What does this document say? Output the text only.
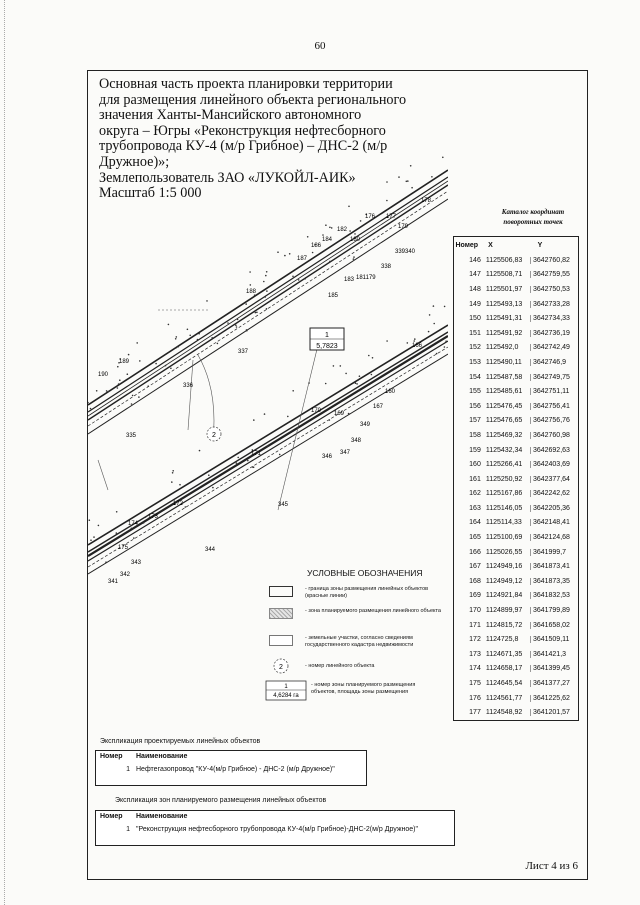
60
Основная часть проекта планировки территории
для размещения линейного объекта регионального
значения Ханты-Мансийского автономного
округа – Югры «Реконструкция нефтесборного
трубопровода КУ-4 (м/р Грибное) – ДНС-2 (м/р
Дружное)»;
Землепользователь ЗАО «ЛУКОЙЛ-АИК»
Масштаб 1:5 000
1
5,7823
2
178
176 177
179
182
184	180
186
187
183 181179
338
339340
185
188
337
336
189
190
335
166
160
167
170 169
349
348
346
347
171
345
172
173
174
175	344
343
342
341
Каталог координат
поворотных точек
Номер	X	Y
146 1125506,83	3642760,82
147 1125508,71	3642759,55
148 1125501,97	3642750,53
149 1125493,13	3642733,28
150 1125491,31	3642734,33
151 1125491,92	3642736,19
152 1125492,0	3642742,49
153 1125490,11	3642746,9
154 1125487,58	3642749,75
155 1125485,61	3642751,11
156 1125476,45	3642756,41
157 1125476,65	3642756,76
158 1125469,32	3642760,98
159 1125432,34	3642692,63
160 1125266,41	3642403,69
161 1125250,92	3642377,64
162 1125167,86	3642242,62
163 1125146,05	3642205,36
164 1125114,33	3642148,41
165 1125100,69	3642124,68
166 1125026,55	3641999,7
167 1124949,16	3641873,41
168 1124949,12	3641873,35
169 1124921,84	3641832,53
170 1124899,97	3641799,89
171 1124815,72	3641658,02
172 1124725,8	3641509,11
173 1124671,35	3641421,3
174 1124658,17	3641399,45
175 1124645,54	3641377,27
176 1124561,77	3641225,62
177 1124548,92	3641201,57
УСЛОВНЫЕ ОБОЗНАЧЕНИЯ
- граница зоны размещения линейных объектов (красные линии)
- зона планируемого размещения линейного объекта
- земельные участки, согласно сведениям государственного кадастра недвижимости
2	- номер линейного объекта
1
4,6284 га
- номер зоны планируемого размещения объектов, площадь зоны размещения
Экспликация проектируемых линейных объектов
Номер	Наименование
1 Нефтегазопровод "КУ-4(м/р Грибное) - ДНС-2 (м/р Дружное)"
Экспликация зон планируемого размещения линейных объектов
Номер	Наименование
1 "Реконструкция нефтесборного трубопровода КУ-4(м/р Грибное)-ДНС-2(м/р Дружное)"
Лист 4 из 6
